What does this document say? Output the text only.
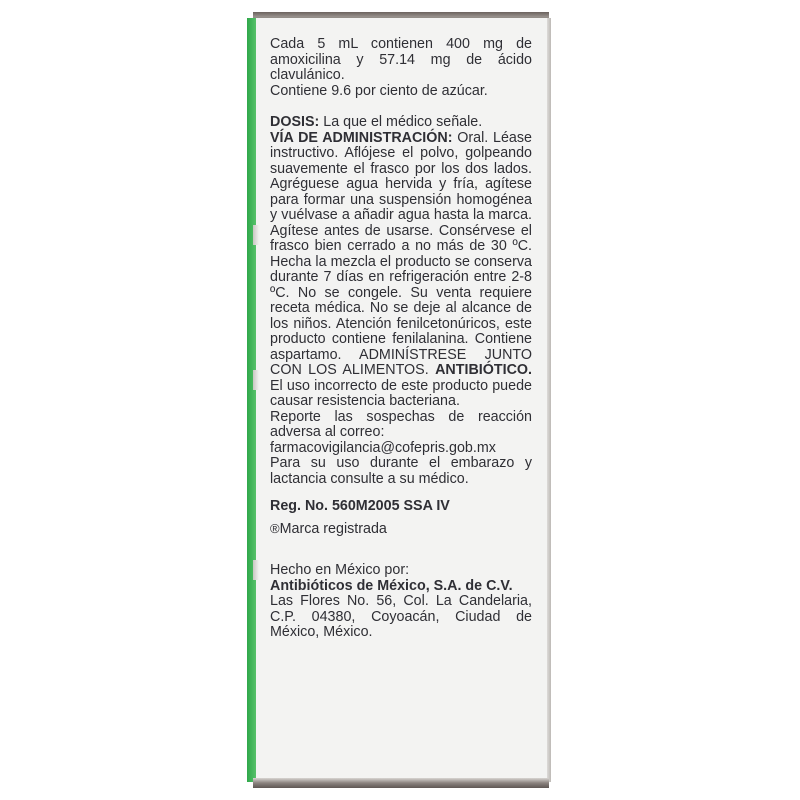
Cada 5 mL contienen 400 mg de amoxicilina y 57.14 mg de ácido clavulánico.

Contiene 9.6 por ciento de azúcar.

DOSIS: La que el médico señale.

VÍA DE ADMINISTRACIÓN: Oral. Léase instructivo. Aflójese el polvo, golpeando suavemente el frasco por los dos lados. Agréguese agua hervida y fría, agítese para formar una suspensión homogénea y vuélvase a añadir agua hasta la marca. Agítese antes de usarse. Consérvese el frasco bien cerrado a no más de 30 ºC. Hecha la mezcla el producto se conserva durante 7 días en refrigeración entre 2-8 ºC. No se congele. Su venta requiere receta médica. No se deje al alcance de los niños. Atención fenilcetonúricos, este producto contiene fenilalanina. Contiene aspartamo. ADMINÍSTRESE JUNTO CON LOS ALIMENTOS. ANTIBIÓTICO. El uso incorrecto de este producto puede causar resistencia bacteriana.

Reporte las sospechas de reacción adversa al correo:

farmacovigilancia@cofepris.gob.mx

Para su uso durante el embarazo y lactancia consulte a su médico.

Reg. No. 560M2005 SSA IV

®Marca registrada

Hecho en México por:

Antibióticos de México, S.A. de C.V.

Las Flores No. 56, Col. La Candelaria, C.P. 04380, Coyoacán, Ciudad de México, México.
